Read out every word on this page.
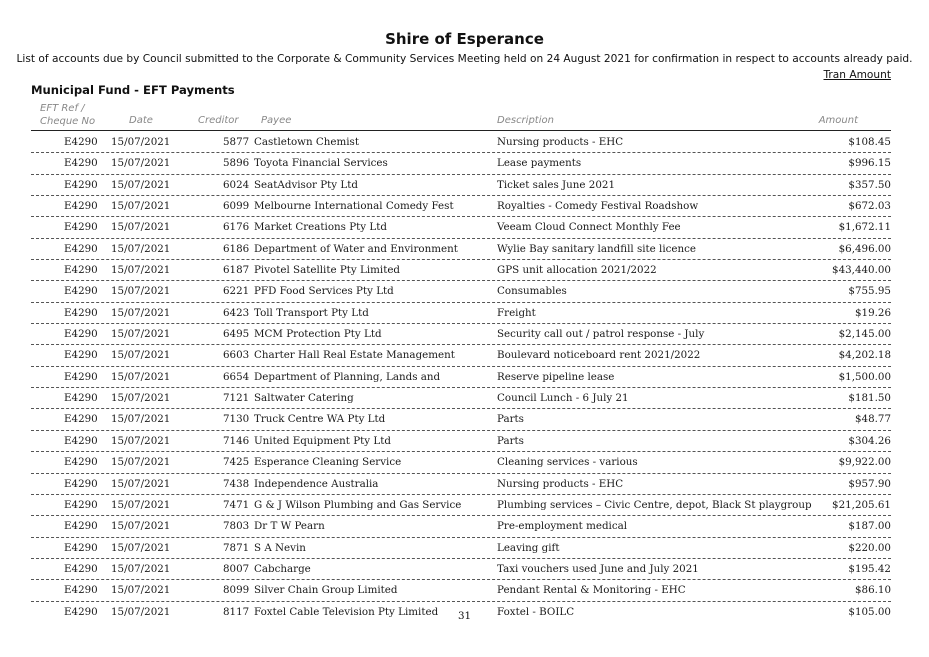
Shire of Esperance
List of accounts due by Council submitted to the Corporate & Community Services Meeting held on 24 August 2021 for confirmation in respect to accounts already paid.
Tran Amount
Municipal Fund - EFT Payments
EFT Ref / Cheque No	Date	Creditor Payee	Description	Amount
E4290 15/07/2021	5877 Castletown Chemist	Nursing products - EHC	$108.45
E4290 15/07/2021	5896 Toyota Financial Services	Lease payments	$996.15
E4290 15/07/2021	6024 SeatAdvisor Pty Ltd	Ticket sales June 2021	$357.50
E4290 15/07/2021	6099 Melbourne International Comedy Fest	Royalties - Comedy Festival Roadshow	$672.03
E4290 15/07/2021	6176 Market Creations Pty Ltd	Veeam Cloud Connect Monthly Fee	$1,672.11
E4290 15/07/2021	6186 Department of Water and Environment	Wylie Bay sanitary landfill site licence	$6,496.00
E4290 15/07/2021	6187 Pivotel Satellite Pty Limited	GPS unit allocation 2021/2022	$43,440.00
E4290 15/07/2021	6221 PFD Food Services Pty Ltd	Consumables	$755.95
E4290 15/07/2021	6423 Toll Transport Pty Ltd	Freight	$19.26
E4290 15/07/2021	6495 MCM Protection Pty Ltd	Security call out / patrol response - July	$2,145.00
E4290 15/07/2021	6603 Charter Hall Real Estate Management	Boulevard noticeboard rent 2021/2022	$4,202.18
E4290 15/07/2021	6654 Department of Planning, Lands and	Reserve pipeline lease	$1,500.00
E4290 15/07/2021	7121 Saltwater Catering	Council Lunch - 6 July 21	$181.50
E4290 15/07/2021	7130 Truck Centre WA Pty Ltd	Parts	$48.77
E4290 15/07/2021	7146 United Equipment Pty Ltd	Parts	$304.26
E4290 15/07/2021	7425 Esperance Cleaning Service	Cleaning services - various	$9,922.00
E4290 15/07/2021	7438 Independence Australia	Nursing products - EHC	$957.90
E4290 15/07/2021	7471 G & J Wilson Plumbing and Gas Service	Plumbing services – Civic Centre, depot, Black St playgroup $21,205.61
E4290 15/07/2021	7803 Dr T W Pearn	Pre-employment medical	$187.00
E4290 15/07/2021	7871 S A Nevin	Leaving gift	$220.00
E4290 15/07/2021	8007 Cabcharge	Taxi vouchers used June and July 2021	$195.42
E4290 15/07/2021	8099 Silver Chain Group Limited	Pendant Rental & Monitoring - EHC	$86.10
E4290 15/07/2021	8117 Foxtel Cable Television Pty Limited	Foxtel - BOILC	$105.00
31
